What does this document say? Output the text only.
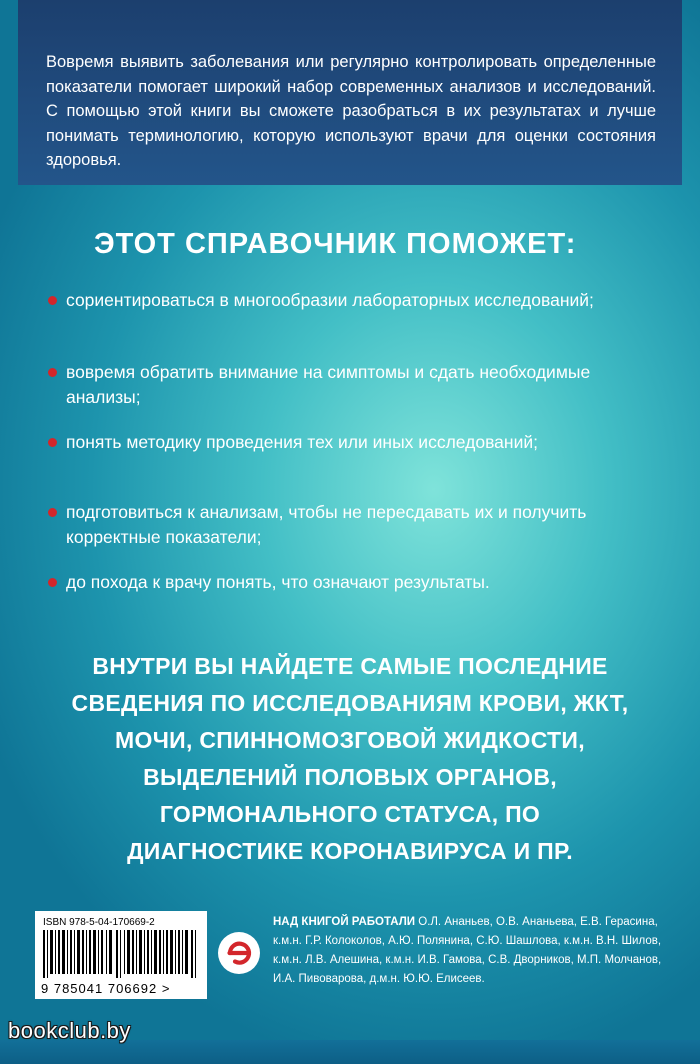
Вовремя выявить заболевания или регулярно контролировать определенные показатели помогает широкий набор современных анализов и исследований. С помощью этой книги вы сможете разобраться в их результатах и лучше понимать терминологию, которую используют врачи для оценки состояния здоровья.
ЭТОТ СПРАВОЧНИК ПОМОЖЕТ:
сориентироваться в многообразии лабораторных исследований;
вовремя обратить внимание на симптомы и сдать необходимые анализы;
понять методику проведения тех или иных исследований;
подготовиться к анализам, чтобы не пересдавать их и получить корректные показатели;
до похода к врачу понять, что означают результаты.
ВНУТРИ ВЫ НАЙДЕТЕ САМЫЕ ПОСЛЕДНИЕ
СВЕДЕНИЯ ПО ИССЛЕДОВАНИЯМ КРОВИ, ЖКТ,
МОЧИ, СПИННОМОЗГОВОЙ ЖИДКОСТИ,
ВЫДЕЛЕНИЙ ПОЛОВЫХ ОРГАНОВ,
ГОРМОНАЛЬНОГО СТАТУСА, ПО
ДИАГНОСТИКЕ КОРОНАВИРУСА И ПР.
ISBN 978-5-04-170669-2
9 785041 706692 >
НАД КНИГОЙ РАБОТАЛИ О.Л. Ананьев, О.В. Ананьева, Е.В. Герасина, к.м.н. Г.Р. Колоколов, А.Ю. Полянина, С.Ю. Шашлова, к.м.н. В.Н. Шилов, к.м.н. Л.В. Алешина, к.м.н. И.В. Гамова, С.В. Дворников, М.П. Молчанов, И.А. Пивоварова, д.м.н. Ю.Ю. Елисеев.
bookclub.by
